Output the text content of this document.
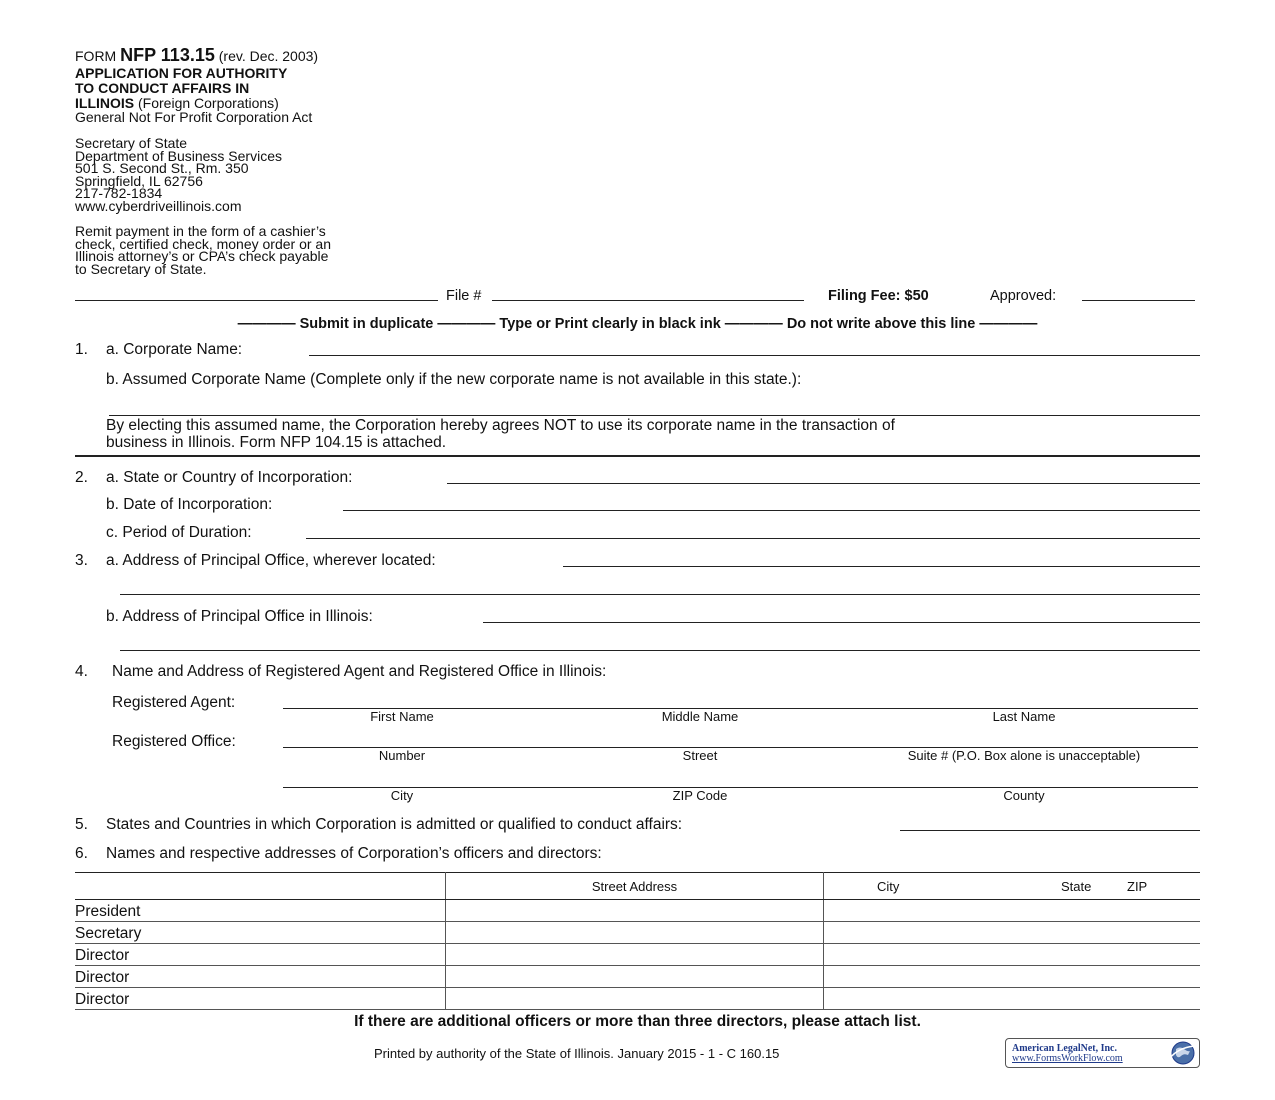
FORM NFP 113.15 (rev. Dec. 2003)
APPLICATION FOR AUTHORITY
TO CONDUCT AFFAIRS IN
ILLINOIS (Foreign Corporations)
General Not For Profit Corporation Act
Secretary of State
Department of Business Services
501 S. Second St., Rm. 350
Springfield, IL 62756
217-782-1834
www.cyberdriveillinois.com
Remit payment in the form of a cashier’s
check, certified check, money order or an
Illinois attorney’s or CPA’s check payable
to Secretary of State.
File #	Filing Fee: $50	Approved:
———— Submit in duplicate ———— Type or Print clearly in black ink ———— Do not write above this line ————
1. a. Corporate Name:
b. Assumed Corporate Name (Complete only if the new corporate name is not available in this state.):
By electing this assumed name, the Corporation hereby agrees NOT to use its corporate name in the transaction of
business in Illinois. Form NFP 104.15 is attached.
2. a. State or Country of Incorporation:
b. Date of Incorporation:
c. Period of Duration:
3. a. Address of Principal Office, wherever located:
b. Address of Principal Office in Illinois:
4. Name and Address of Registered Agent and Registered Office in Illinois:
Registered Agent:
First Name	Middle Name	Last Name
Registered Office:
Number	Street	Suite # (P.O. Box alone is unacceptable)
City	ZIP Code	County
5. States and Countries in which Corporation is admitted or qualified to conduct affairs:
6. Names and respective addresses of Corporation’s officers and directors:
	Street Address	City State ZIP
President		
Secretary		
Director		
Director		
Director		
If there are additional officers or more than three directors, please attach list.
Printed by authority of the State of Illinois. January 2015 - 1 - C 160.15	American LegalNet, Inc.
www.FormsWorkFlow.com
